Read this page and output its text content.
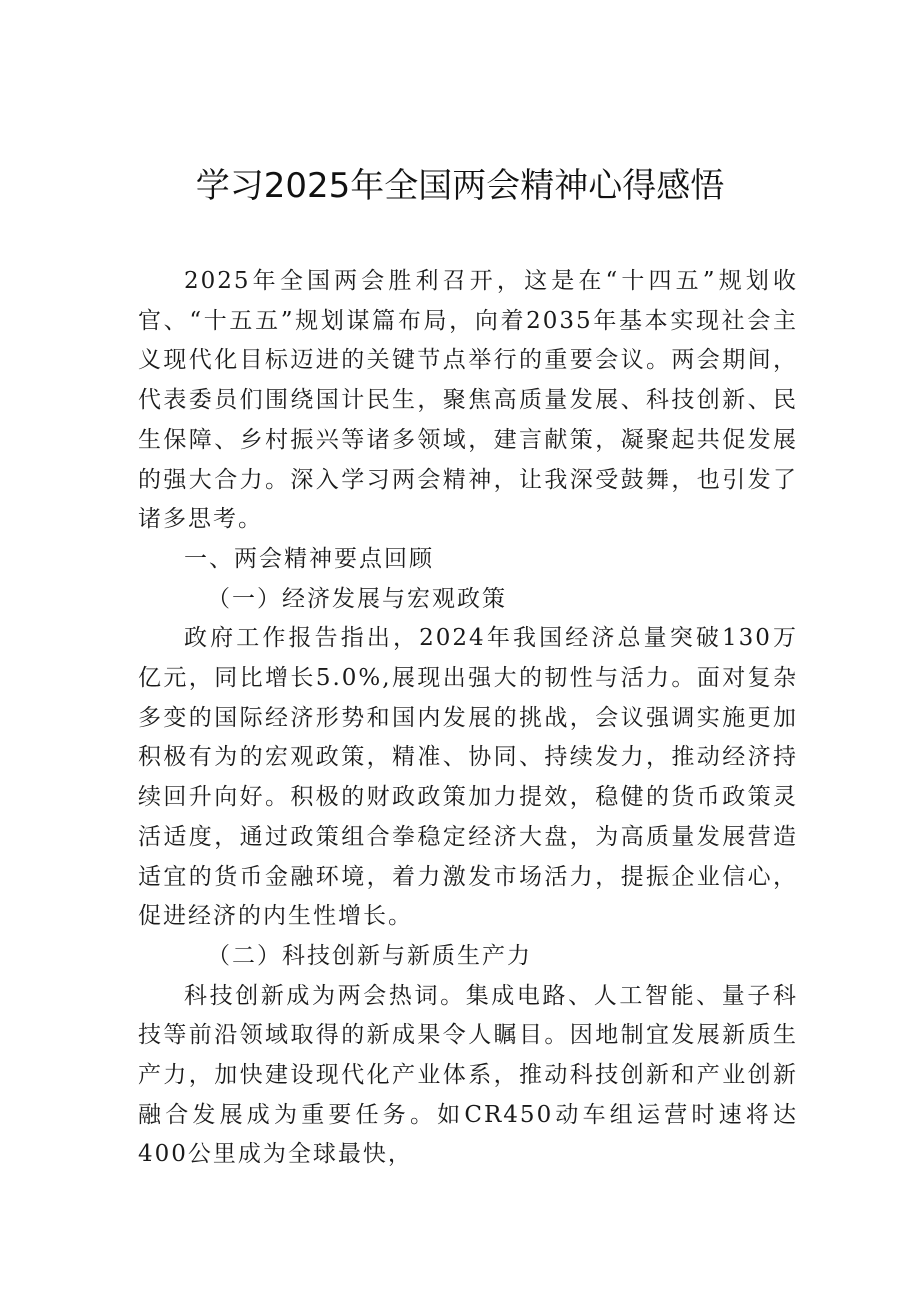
学习2025年全国两会精神心得感悟

2025年全国两会胜利召开，这是在“十四五”规划收官、“十五五”规划谋篇布局，向着2035年基本实现社会主义现代化目标迈进的关键节点举行的重要会议。两会期间，代表委员们围绕国计民生，聚焦高质量发展、科技创新、民生保障、乡村振兴等诸多领域，建言献策，凝聚起共促发展的强大合力。深入学习两会精神，让我深受鼓舞，也引发了诸多思考。

一、两会精神要点回顾

（一）经济发展与宏观政策

政府工作报告指出，2024年我国经济总量突破130万亿元，同比增长5.0%,展现出强大的韧性与活力。面对复杂多变的国际经济形势和国内发展的挑战，会议强调实施更加积极有为的宏观政策，精准、协同、持续发力，推动经济持续回升向好。积极的财政政策加力提效，稳健的货币政策灵活适度，通过政策组合拳稳定经济大盘，为高质量发展营造适宜的货币金融环境，着力激发市场活力，提振企业信心，促进经济的内生性增长。

（二）科技创新与新质生产力

科技创新成为两会热词。集成电路、人工智能、量子科技等前沿领域取得的新成果令人瞩目。因地制宜发展新质生产力，加快建设现代化产业体系，推动科技创新和产业创新融合发展成为重要任务。如CR450动车组运营时速将达400公里成为全球最快，
